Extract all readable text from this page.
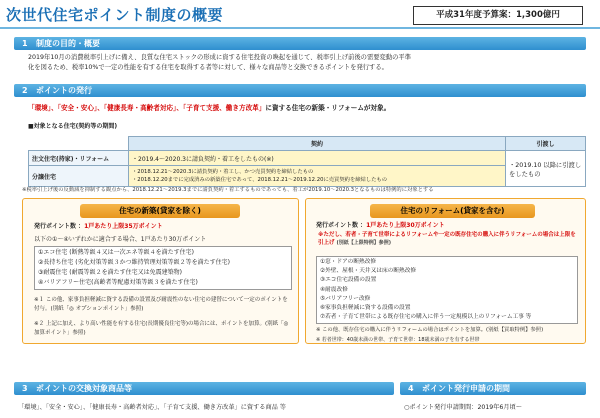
次世代住宅ポイント制度の概要	平成31年度予算案：1,300億円
1 制度の目的・概要
2019年10月の消費税率引上げに備え、良質な住宅ストックの形成に資する住宅投資の喚起を通じて、税率引上げ前後の需要変動の平準
化を図るため、税率10%で一定の性能を有する住宅を取得する者等に対して、様々な商品等と交換できるポイントを発行する。
2 ポイントの発行
「環境」、「安全・安心」、「健康長寿・高齢者対応」、「子育て支援、働き方改革」に資する住宅の新築・リフォームが対象。
■対象となる住宅(契約等の期間)
	契約	引渡し
注文住宅(持家)・リフォーム	・2019.4～2020.3に請負契約・着工をしたもの(※)	・2019.10 以降に引渡しをしたもの
分譲住宅	・2018.12.21～2020.3に請負契約・着工し、かつ売買契約を締結したもの
・2018.12.20までに完成済みの新築住宅であって、2018.12.21～2019.12.20に売買契約を締結したもの	
※税率引上げ後の反動減を抑制する観点から、2018.12.21～2019.3までに請負契約・着工するものであっても、着工が2019.10～2020.3となるものは特例的に対象とする
住宅の新築(貸家を除く)
発行ポイント数 ：1戸あたり上限35万ポイント
以下の①～④いずれかに適合する場合、1戸あたり30万ポイント
①エコ住宅 (断熱等級４又は一次エネ等級４を満たす住宅)
②長持ち住宅 (劣化対策等級３かつ維持管理対策等級２等を満たす住宅)
③耐震住宅 (耐震等級２を満たす住宅又は免震建築物)
④バリアフリー住宅(高齢者等配慮対策等級３を満たす住宅)
※１ この他、家事負担軽減に資する設備の設置及び耐震性のない住宅の建替について一定のポイントを付与。(別紙「◎ オプションポイント」参照)
※２ 上記に加え、より高い性能を有する住宅(長期優良住宅等)の場合には、ポイントを加算。(別紙「◎ 加算ポイント」参照)
住宅のリフォーム(貸家を含む)
発行ポイント数 ：1戸あたり上限30万ポイント
※ただし、若者・子育て世帯によるリフォームや一定の既存住宅の購入に伴うリフォームの場合は上限を引上げ (別紙【上限特例】参照)
①窓・ドアの断熱改修
②外壁、屋根・天井又は床の断熱改修
③エコ住宅設備の設置
④耐震改修
⑤バリアフリー改修
⑥家事負担軽減に資する設備の設置
⑦若者・子育て世帯による既存住宅の購入に伴う一定規模以上のリフォーム工事 等
※ この他、既存住宅の購入に伴うリフォームの場合はポイントを加算。(別紙【買取特例】参照)
※ 若者世帯：40歳未満の世帯、子育て世帯：18歳未満の子を有する世帯
3 ポイントの交換対象商品等
「環境」、「安全・安心」、「健康長寿・高齢者対応」、「子育て支援、働き方改革」に資する商品 等
4 ポイント発行申請の期間
○ポイント発行申請期間：2019年6月頃～
